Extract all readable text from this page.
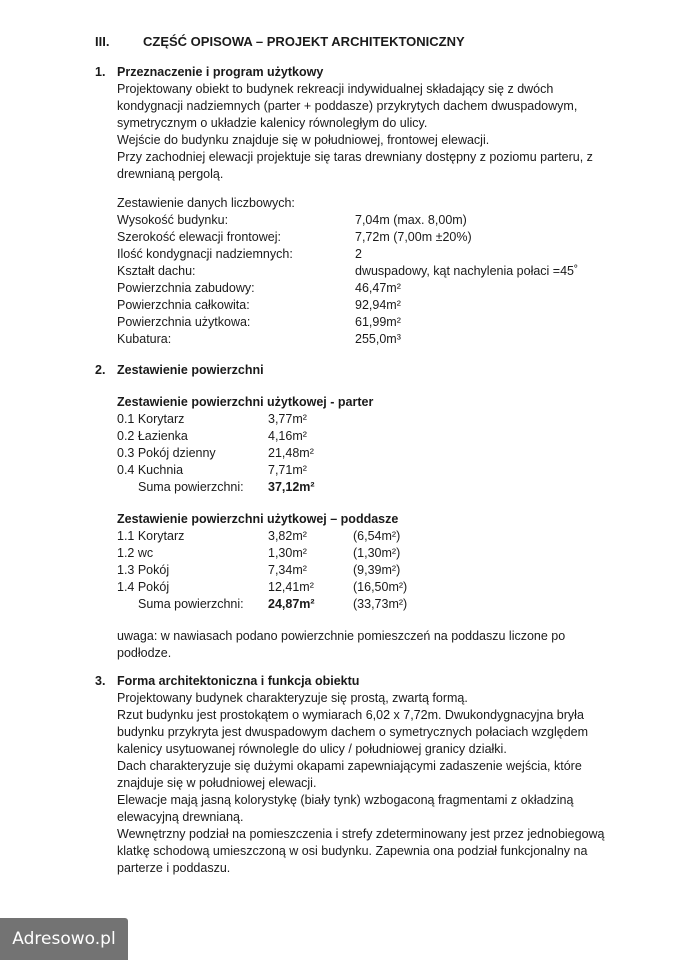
III.	CZĘŚĆ OPISOWA – PROJEKT ARCHITEKTONICZNY
1. Przeznaczenie i program użytkowy
Projektowany obiekt to budynek rekreacji indywidualnej składający się z dwóch
kondygnacji nadziemnych (parter + poddasze) przykrytych dachem dwuspadowym,
symetrycznym o układzie kalenicy równoległym do ulicy.
Wejście do budynku znajduje się w południowej, frontowej elewacji.
Przy zachodniej elewacji projektuje się taras drewniany dostępny z poziomu parteru, z
drewnianą pergolą.
Zestawienie danych liczbowych:
Wysokość budynku:	7,04m (max. 8,00m)
Szerokość elewacji frontowej:	7,72m (7,00m ±20%)
Ilość kondygnacji nadziemnych:	2
Kształt dachu:	dwuspadowy, kąt nachylenia połaci =45˚
Powierzchnia zabudowy:	46,47m²
Powierzchnia całkowita:	92,94m²
Powierzchnia użytkowa:	61,99m²
Kubatura:	255,0m³
2. Zestawienie powierzchni
Zestawienie powierzchni użytkowej - parter
0.1 Korytarz	3,77m²
0.2 Łazienka	4,16m²
0.3 Pokój dzienny	21,48m²
0.4 Kuchnia	7,71m²
Suma powierzchni: 37,12m²
Zestawienie powierzchni użytkowej – poddasze
1.1 Korytarz	3,82m²	(6,54m²)
1.2 wc	1,30m²	(1,30m²)
1.3 Pokój	7,34m²	(9,39m²)
1.4 Pokój	12,41m²	(16,50m²)
Suma powierzchni: 24,87m²	(33,73m²)
uwaga: w nawiasach podano powierzchnie pomieszczeń na poddaszu liczone po
podłodze.
3. Forma architektoniczna i funkcja obiektu
Projektowany budynek charakteryzuje się prostą, zwartą formą.
Rzut budynku jest prostokątem o wymiarach 6,02 x 7,72m. Dwukondygnacyjna bryła
budynku przykryta jest dwuspadowym dachem o symetrycznych połaciach względem
kalenicy usytuowanej równolegle do ulicy / południowej granicy działki.
Dach charakteryzuje się dużymi okapami zapewniającymi zadaszenie wejścia, które
znajduje się w południowej elewacji.
Elewacje mają jasną kolorystykę (biały tynk) wzbogaconą fragmentami z okładziną
elewacyjną drewnianą.
Wewnętrzny podział na pomieszczenia i strefy zdeterminowany jest przez jednobiegową
klatkę schodową umieszczoną w osi budynku. Zapewnia ona podział funkcjonalny na
parterze i poddaszu.
Adresowo.pl
